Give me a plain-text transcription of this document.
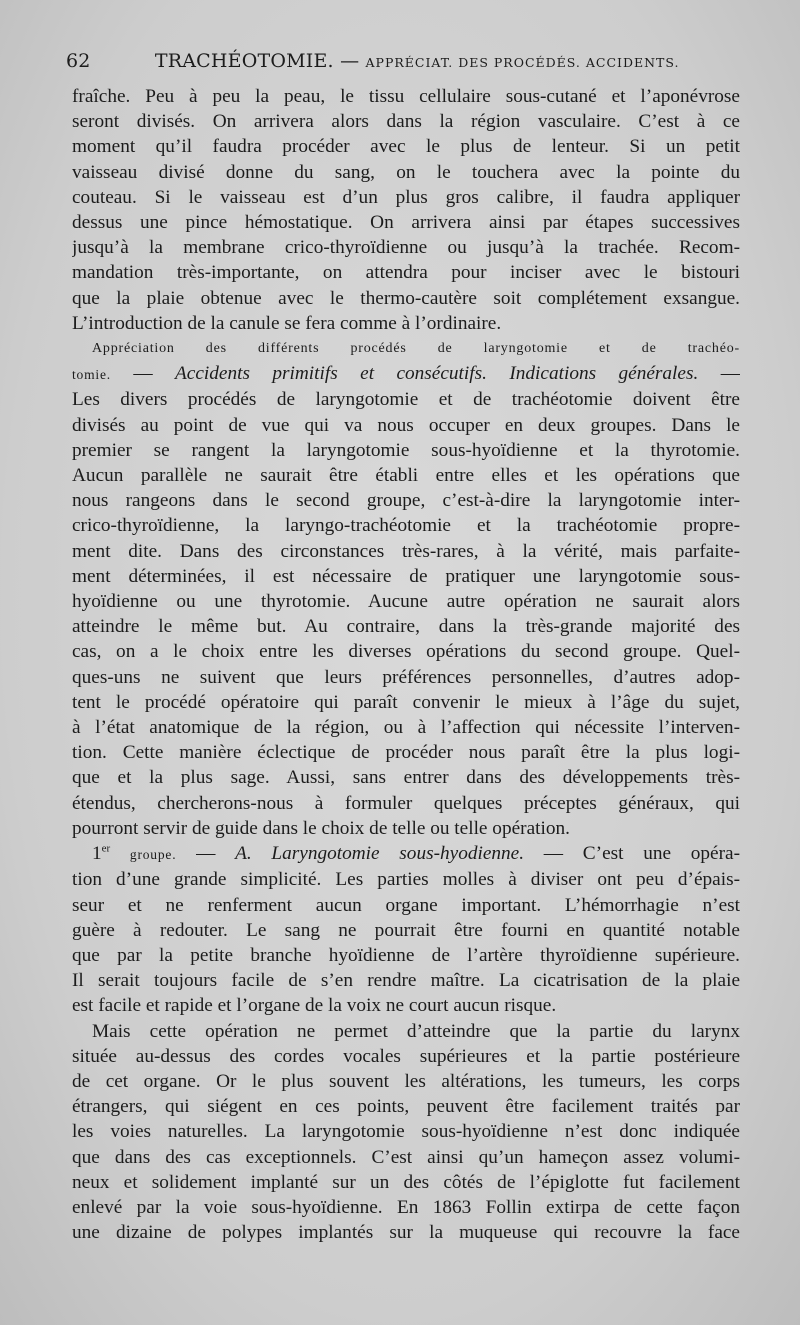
62	TRACHÉOTOMIE. — APPRÉCIAT. DES PROCÉDÉS. ACCIDENTS.
fraîche. Peu à peu la peau, le tissu cellulaire sous-cutané et l’aponévrose
seront divisés. On arrivera alors dans la région vasculaire. C’est à ce
moment qu’il faudra procéder avec le plus de lenteur. Si un petit
vaisseau divisé donne du sang, on le touchera avec la pointe du
couteau. Si le vaisseau est d’un plus gros calibre, il faudra appliquer
dessus une pince hémostatique. On arrivera ainsi par étapes successives
jusqu’à la membrane crico-thyroïdienne ou jusqu’à la trachée. Recom-
mandation très-importante, on attendra pour inciser avec le bistouri
que la plaie obtenue avec le thermo-cautère soit complétement exsangue.
L’introduction de la canule se fera comme à l’ordinaire.
Appréciation des différents procédés de laryngotomie et de trachéo-
tomie. — Accidents primitifs et consécutifs. Indications générales. —
Les divers procédés de laryngotomie et de trachéotomie doivent être
divisés au point de vue qui va nous occuper en deux groupes. Dans le
premier se rangent la laryngotomie sous-hyoïdienne et la thyrotomie.
Aucun parallèle ne saurait être établi entre elles et les opérations que
nous rangeons dans le second groupe, c’est-à-dire la laryngotomie inter-
crico-thyroïdienne, la laryngo-trachéotomie et la trachéotomie propre-
ment dite. Dans des circonstances très-rares, à la vérité, mais parfaite-
ment déterminées, il est nécessaire de pratiquer une laryngotomie sous-
hyoïdienne ou une thyrotomie. Aucune autre opération ne saurait alors
atteindre le même but. Au contraire, dans la très-grande majorité des
cas, on a le choix entre les diverses opérations du second groupe. Quel-
ques-uns ne suivent que leurs préférences personnelles, d’autres adop-
tent le procédé opératoire qui paraît convenir le mieux à l’âge du sujet,
à l’état anatomique de la région, ou à l’affection qui nécessite l’interven-
tion. Cette manière éclectique de procéder nous paraît être la plus logi-
que et la plus sage. Aussi, sans entrer dans des développements très-
étendus, chercherons-nous à formuler quelques préceptes généraux, qui
pourront servir de guide dans le choix de telle ou telle opération.
1er groupe. — A. Laryngotomie sous-hyodienne. — C’est une opéra-
tion d’une grande simplicité. Les parties molles à diviser ont peu d’épais-
seur et ne renferment aucun organe important. L’hémorrhagie n’est
guère à redouter. Le sang ne pourrait être fourni en quantité notable
que par la petite branche hyoïdienne de l’artère thyroïdienne supérieure.
Il serait toujours facile de s’en rendre maître. La cicatrisation de la plaie
est facile et rapide et l’organe de la voix ne court aucun risque.
Mais cette opération ne permet d’atteindre que la partie du larynx
située au-dessus des cordes vocales supérieures et la partie postérieure
de cet organe. Or le plus souvent les altérations, les tumeurs, les corps
étrangers, qui siégent en ces points, peuvent être facilement traités par
les voies naturelles. La laryngotomie sous-hyoïdienne n’est donc indiquée
que dans des cas exceptionnels. C’est ainsi qu’un hameçon assez volumi-
neux et solidement implanté sur un des côtés de l’épiglotte fut facilement
enlevé par la voie sous-hyoïdienne. En 1863 Follin extirpa de cette façon
une dizaine de polypes implantés sur la muqueuse qui recouvre la face
